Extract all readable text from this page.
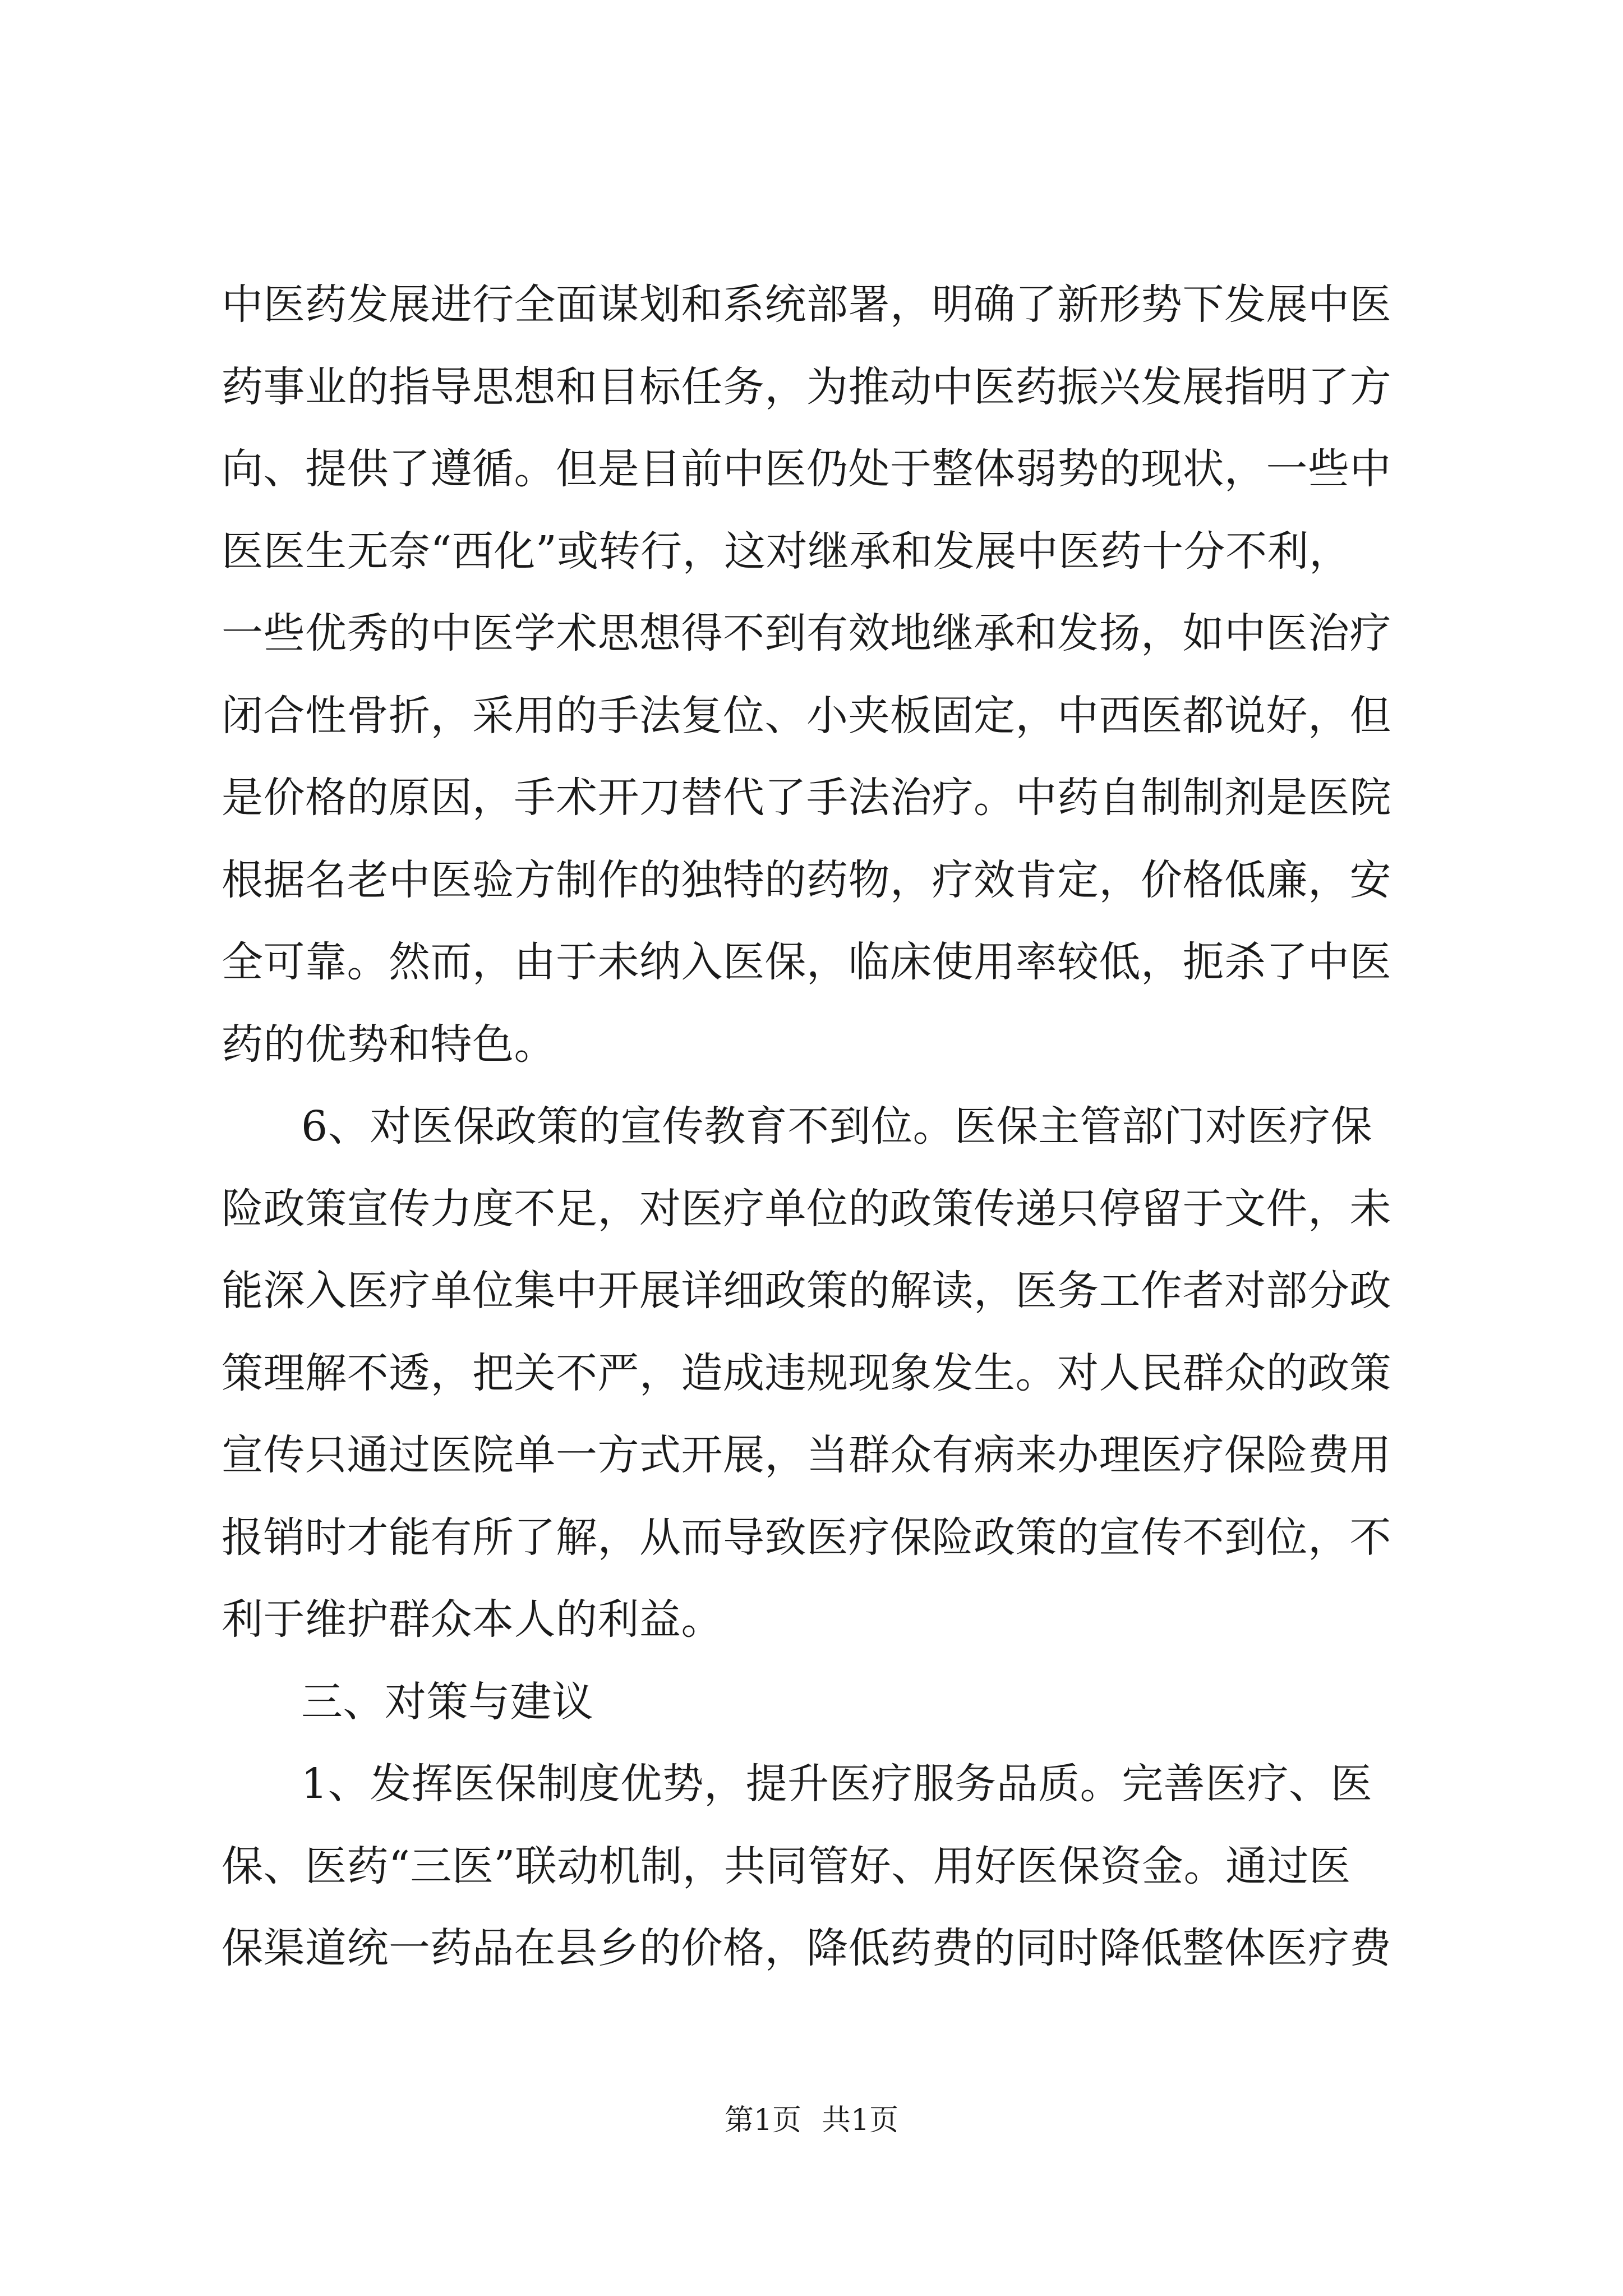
中医药发展进行全面谋划和系统部署，明确了新形势下发展中医
药事业的指导思想和目标任务，为推动中医药振兴发展指明了方
向、提供了遵循。但是目前中医仍处于整体弱势的现状，一些中
医医生无奈“西化”或转行，这对继承和发展中医药十分不利，
一些优秀的中医学术思想得不到有效地继承和发扬，如中医治疗
闭合性骨折，采用的手法复位、小夹板固定，中西医都说好，但
是价格的原因，手术开刀替代了手法治疗。中药自制制剂是医院
根据名老中医验方制作的独特的药物，疗效肯定，价格低廉，安
全可靠。然而，由于未纳入医保，临床使用率较低，扼杀了中医
药的优势和特色。
6、对医保政策的宣传教育不到位。医保主管部门对医疗保
险政策宣传力度不足，对医疗单位的政策传递只停留于文件，未
能深入医疗单位集中开展详细政策的解读，医务工作者对部分政
策理解不透，把关不严，造成违规现象发生。对人民群众的政策
宣传只通过医院单一方式开展，当群众有病来办理医疗保险费用
报销时才能有所了解，从而导致医疗保险政策的宣传不到位，不
利于维护群众本人的利益。
三、对策与建议
1、发挥医保制度优势，提升医疗服务品质。完善医疗、医
保、医药“三医”联动机制，共同管好、用好医保资金。通过医
保渠道统一药品在县乡的价格，降低药费的同时降低整体医疗费
第1页 共1页
